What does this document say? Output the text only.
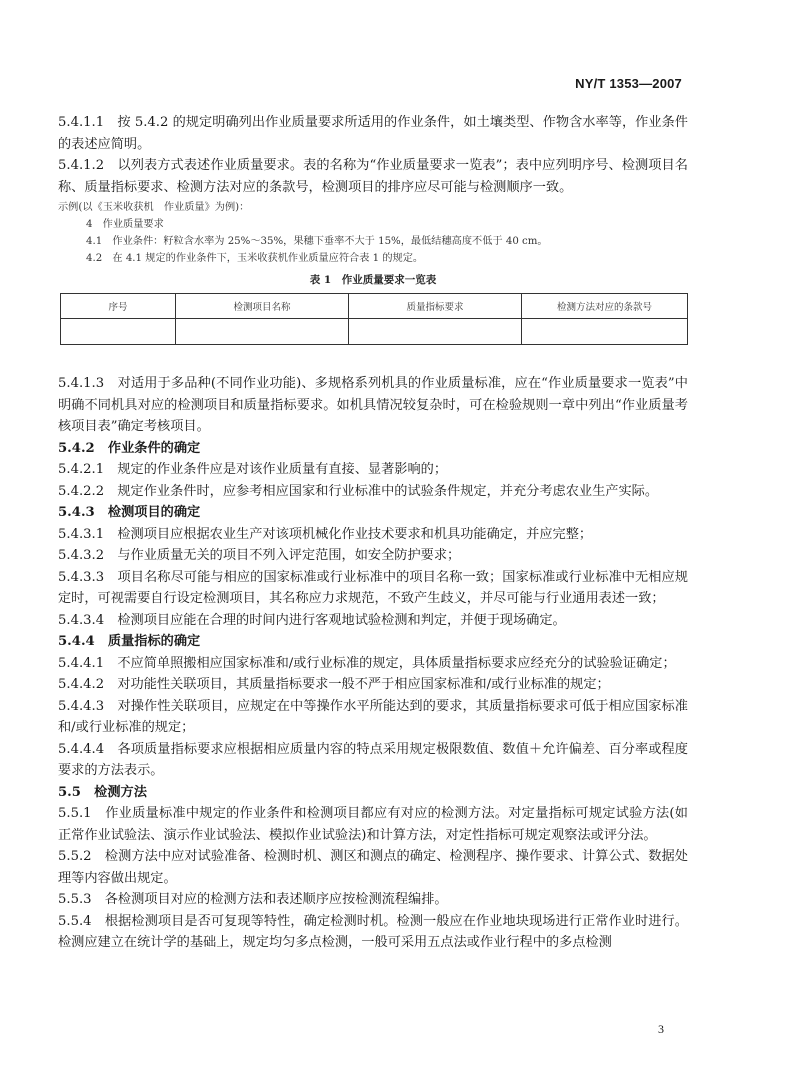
NY/T 1353—2007

5.4.1.1　按 5.4.2 的规定明确列出作业质量要求所适用的作业条件，如土壤类型、作物含水率等，作业条件的表述应简明。

5.4.1.2　以列表方式表述作业质量要求。表的名称为“作业质量要求一览表”；表中应列明序号、检测项目名称、质量指标要求、检测方法对应的条款号，检测项目的排序应尽可能与检测顺序一致。

示例(以《玉米收获机　作业质量》为例)：

4　作业质量要求

4.1　作业条件：籽粒含水率为 25%～35%，果穗下垂率不大于 15%，最低结穗高度不低于 40 cm。

4.2　在 4.1 规定的作业条件下，玉米收获机作业质量应符合表 1 的规定。

表 1　作业质量要求一览表

序号	检测项目名称	质量指标要求	检测方法对应的条款号

5.4.1.3　对适用于多品种(不同作业功能)、多规格系列机具的作业质量标准，应在“作业质量要求一览表”中明确不同机具对应的检测项目和质量指标要求。如机具情况较复杂时，可在检验规则一章中列出“作业质量考核项目表”确定考核项目。

5.4.2　作业条件的确定

5.4.2.1　规定的作业条件应是对该作业质量有直接、显著影响的；

5.4.2.2　规定作业条件时，应参考相应国家和行业标准中的试验条件规定，并充分考虑农业生产实际。

5.4.3　检测项目的确定

5.4.3.1　检测项目应根据农业生产对该项机械化作业技术要求和机具功能确定，并应完整；

5.4.3.2　与作业质量无关的项目不列入评定范围，如安全防护要求；

5.4.3.3　项目名称尽可能与相应的国家标准或行业标准中的项目名称一致；国家标准或行业标准中无相应规定时，可视需要自行设定检测项目，其名称应力求规范，不致产生歧义，并尽可能与行业通用表述一致；

5.4.3.4　检测项目应能在合理的时间内进行客观地试验检测和判定，并便于现场确定。

5.4.4　质量指标的确定

5.4.4.1　不应简单照搬相应国家标准和/或行业标准的规定，具体质量指标要求应经充分的试验验证确定；

5.4.4.2　对功能性关联项目，其质量指标要求一般不严于相应国家标准和/或行业标准的规定；

5.4.4.3　对操作性关联项目，应规定在中等操作水平所能达到的要求，其质量指标要求可低于相应国家标准和/或行业标准的规定；

5.4.4.4　各项质量指标要求应根据相应质量内容的特点采用规定极限数值、数值＋允许偏差、百分率或程度要求的方法表示。

5.5　检测方法

5.5.1　作业质量标准中规定的作业条件和检测项目都应有对应的检测方法。对定量指标可规定试验方法(如正常作业试验法、演示作业试验法、模拟作业试验法)和计算方法，对定性指标可规定观察法或评分法。

5.5.2　检测方法中应对试验准备、检测时机、测区和测点的确定、检测程序、操作要求、计算公式、数据处理等内容做出规定。

5.5.3　各检测项目对应的检测方法和表述顺序应按检测流程编排。

5.5.4　根据检测项目是否可复现等特性，确定检测时机。检测一般应在作业地块现场进行正常作业时进行。检测应建立在统计学的基础上，规定均匀多点检测，一般可采用五点法或作业行程中的多点检测

3
